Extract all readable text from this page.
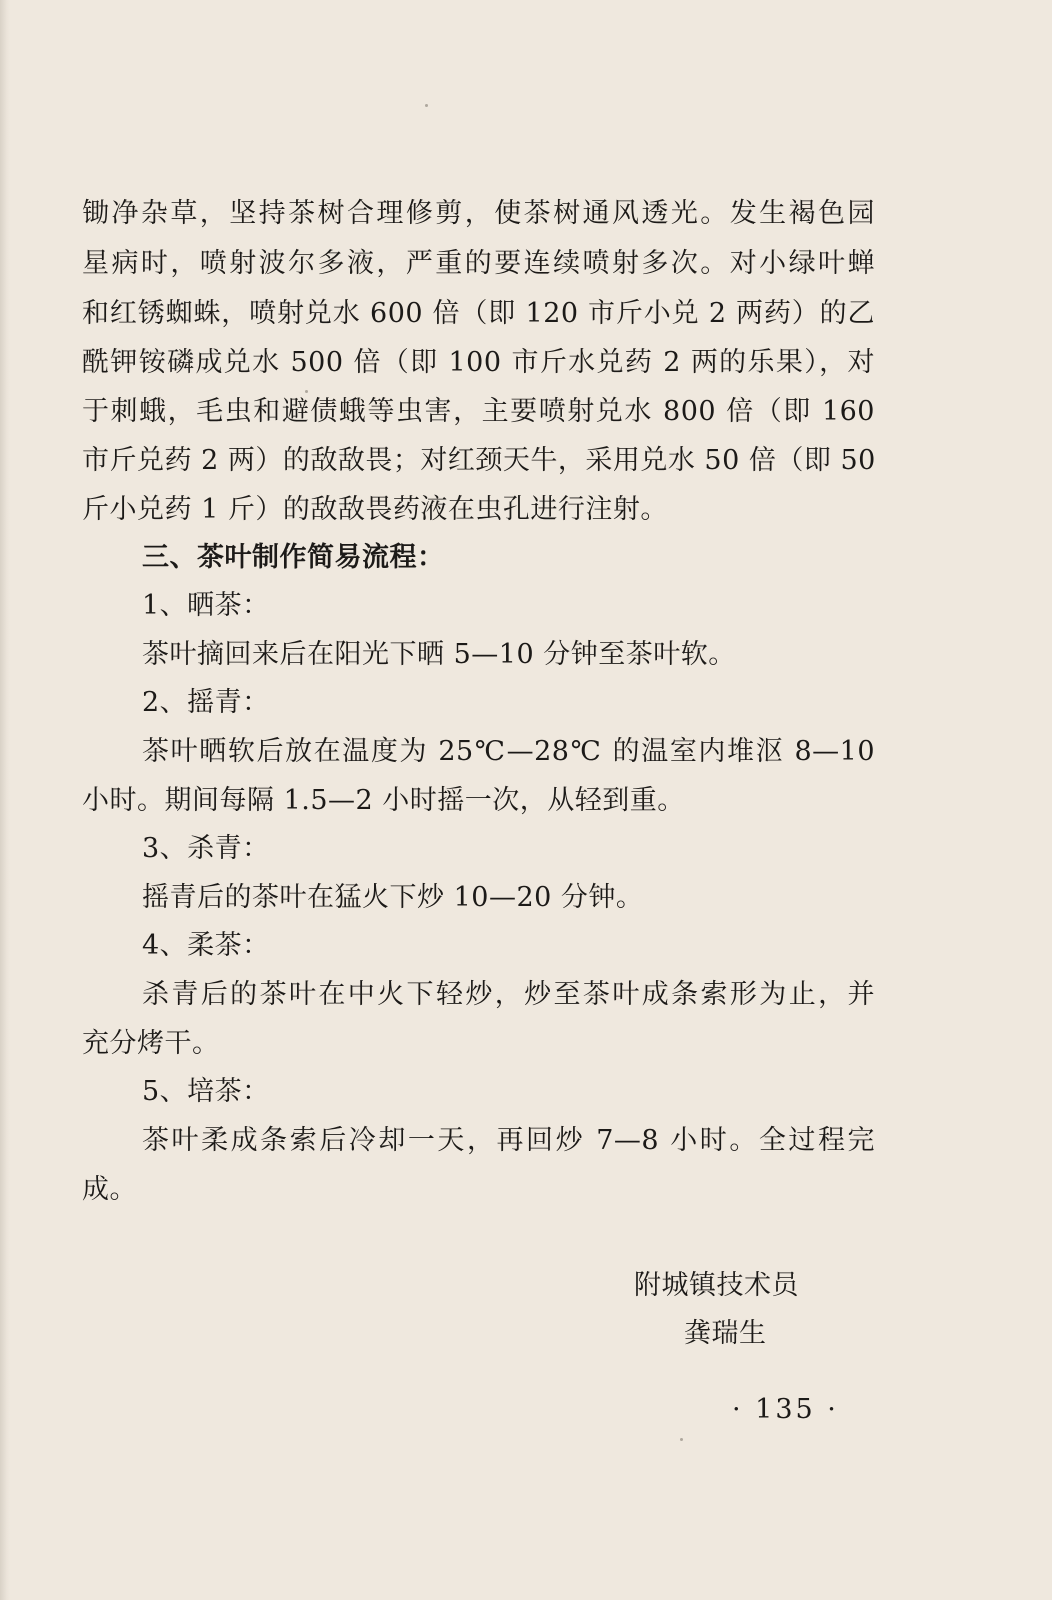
锄净杂草，坚持茶树合理修剪，使茶树通风透光。发生褐色园
星病时，喷射波尔多液，严重的要连续喷射多次。对小绿叶蝉
和红锈蜘蛛，喷射兑水 600 倍（即 120 市斤小兑 2 两药）的乙
酰钾铵磷成兑水 500 倍（即 100 市斤水兑药 2 两的乐果），对
于刺蛾，毛虫和避债蛾等虫害，主要喷射兑水 800 倍（即 160
市斤兑药 2 两）的敌敌畏；对红颈天牛，采用兑水 50 倍（即 50
斤小兑药 1 斤）的敌敌畏药液在虫孔进行注射。
三、茶叶制作简易流程：
1、晒茶：
茶叶摘回来后在阳光下晒 5—10 分钟至茶叶软。
2、摇青：
茶叶晒软后放在温度为 25℃—28℃ 的温室内堆沤 8—10
小时。期间每隔 1.5—2 小时摇一次，从轻到重。
3、杀青：
摇青后的茶叶在猛火下炒 10—20 分钟。
4、柔茶：
杀青后的茶叶在中火下轻炒，炒至茶叶成条索形为止，并
充分烤干。
5、培茶：
茶叶柔成条索后冷却一天，再回炒 7—8 小时。全过程完
成。
附城镇技术员
龚瑞生
· 135 ·
